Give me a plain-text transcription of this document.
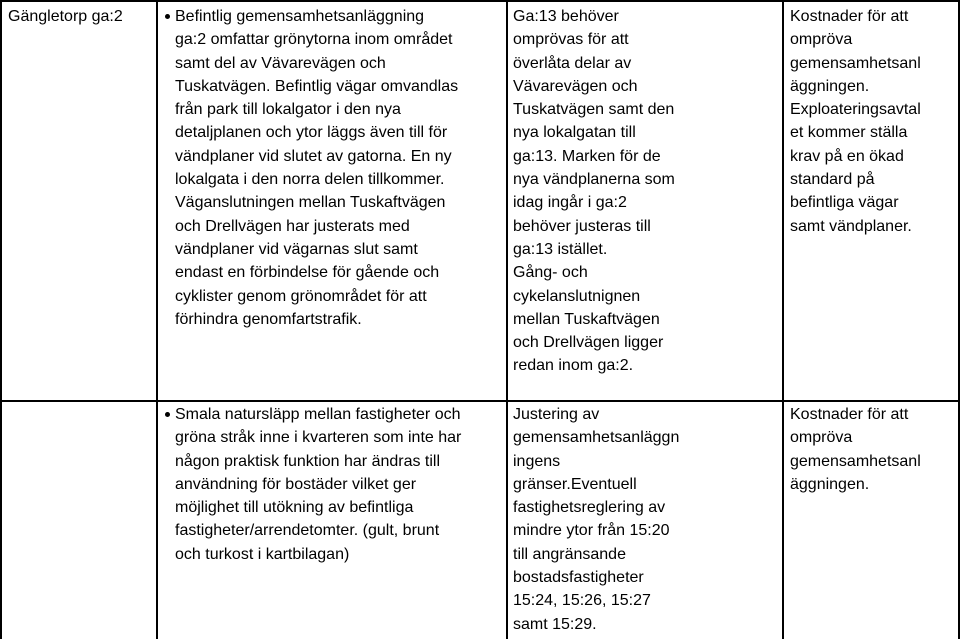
Gängletorp ga:2	Befintlig gemensamhetsanläggning
ga:2 omfattar grönytorna inom området
samt del av Vävarevägen och
Tuskatvägen. Befintlig vägar omvandlas
från park till lokalgator i den nya
detaljplanen och ytor läggs även till för
vändplaner vid slutet av gatorna. En ny
lokalgata i den norra delen tillkommer.
Väganslutningen mellan Tuskaftvägen
och Drellvägen har justerats med
vändplaner vid vägarnas slut samt
endast en förbindelse för gående och
cyklister genom grönområdet för att
förhindra genomfartstrafik.
Ga:13 behöver
omprövas för att
överlåta delar av
Vävarevägen och
Tuskatvägen samt den
nya lokalgatan till
ga:13. Marken för de
nya vändplanerna som
idag ingår i ga:2
behöver justeras till
ga:13 istället.
Gång- och
cykelanslutnignen
mellan Tuskaftvägen
och Drellvägen ligger
redan inom ga:2.
Kostnader för att
ompröva
gemensamhetsanl
äggningen.
Exploateringsavtal
et kommer ställa
krav på en ökad
standard på
befintliga vägar
samt vändplaner.
Smala natursläpp mellan fastigheter och
gröna stråk inne i kvarteren som inte har
någon praktisk funktion har ändras till
användning för bostäder vilket ger
möjlighet till utökning av befintliga
fastigheter/arrendetomter. (gult, brunt
och turkost i kartbilagan)
Justering av
gemensamhetsanläggn
ingens
gränser.Eventuell
fastighetsreglering av
mindre ytor från 15:20
till angränsande
bostadsfastigheter
15:24, 15:26, 15:27
samt 15:29.
Kostnader för att
ompröva
gemensamhetsanl
äggningen.
